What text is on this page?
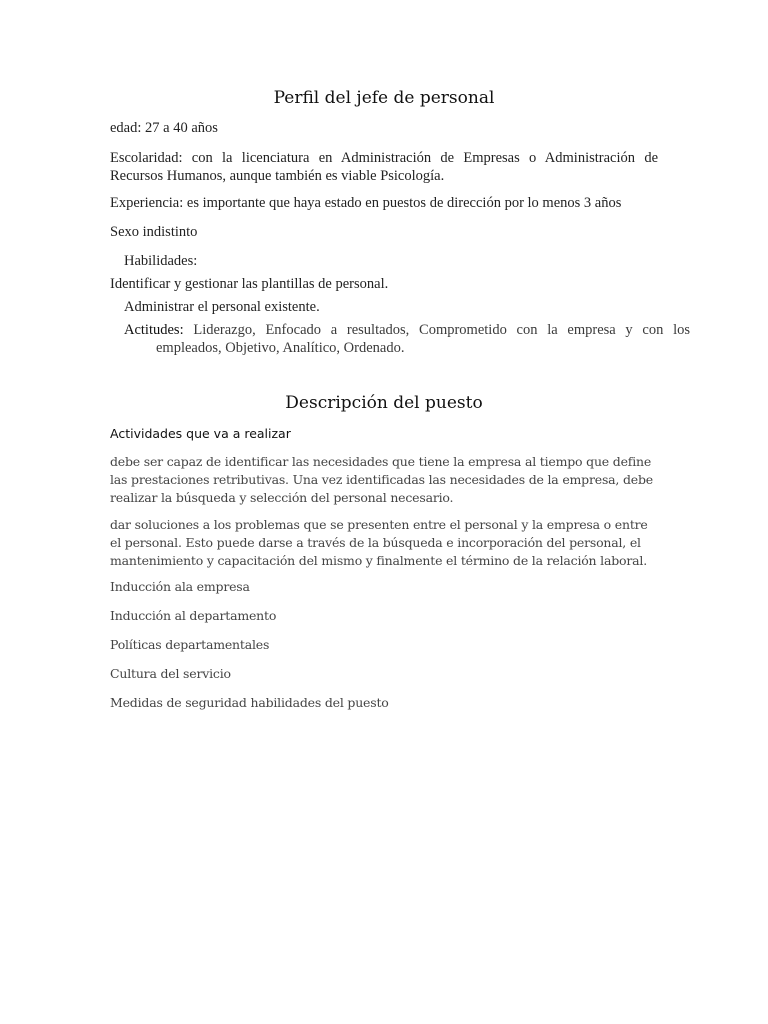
Perfil del jefe de personal
edad: 27 a 40 años

Escolaridad: con la licenciatura en Administración de Empresas o Administración de Recursos Humanos, aunque también es viable Psicología.

Experiencia: es importante que haya estado en puestos de dirección por lo menos 3 años
Sexo indistinto
Habilidades:
Identificar y gestionar las plantillas de personal.
Administrar el personal existente.

Actitudes: Liderazgo, Enfocado a resultados, Comprometido con la empresa y con los empleados, Objetivo, Analítico, Ordenado.

Descripción del puesto
Actividades que va a realizar

debe ser capaz de identificar las necesidades que tiene la empresa al tiempo que define las prestaciones retributivas. Una vez identificadas las necesidades de la empresa, debe realizar la búsqueda y selección del personal necesario.

dar soluciones a los problemas que se presenten entre el personal y la empresa o entre el personal. Esto puede darse a través de la búsqueda e incorporación del personal, el mantenimiento y capacitación del mismo y finalmente el término de la relación laboral.

Inducción ala empresa
Inducción al departamento
Políticas departamentales
Cultura del servicio
Medidas de seguridad habilidades del puesto
